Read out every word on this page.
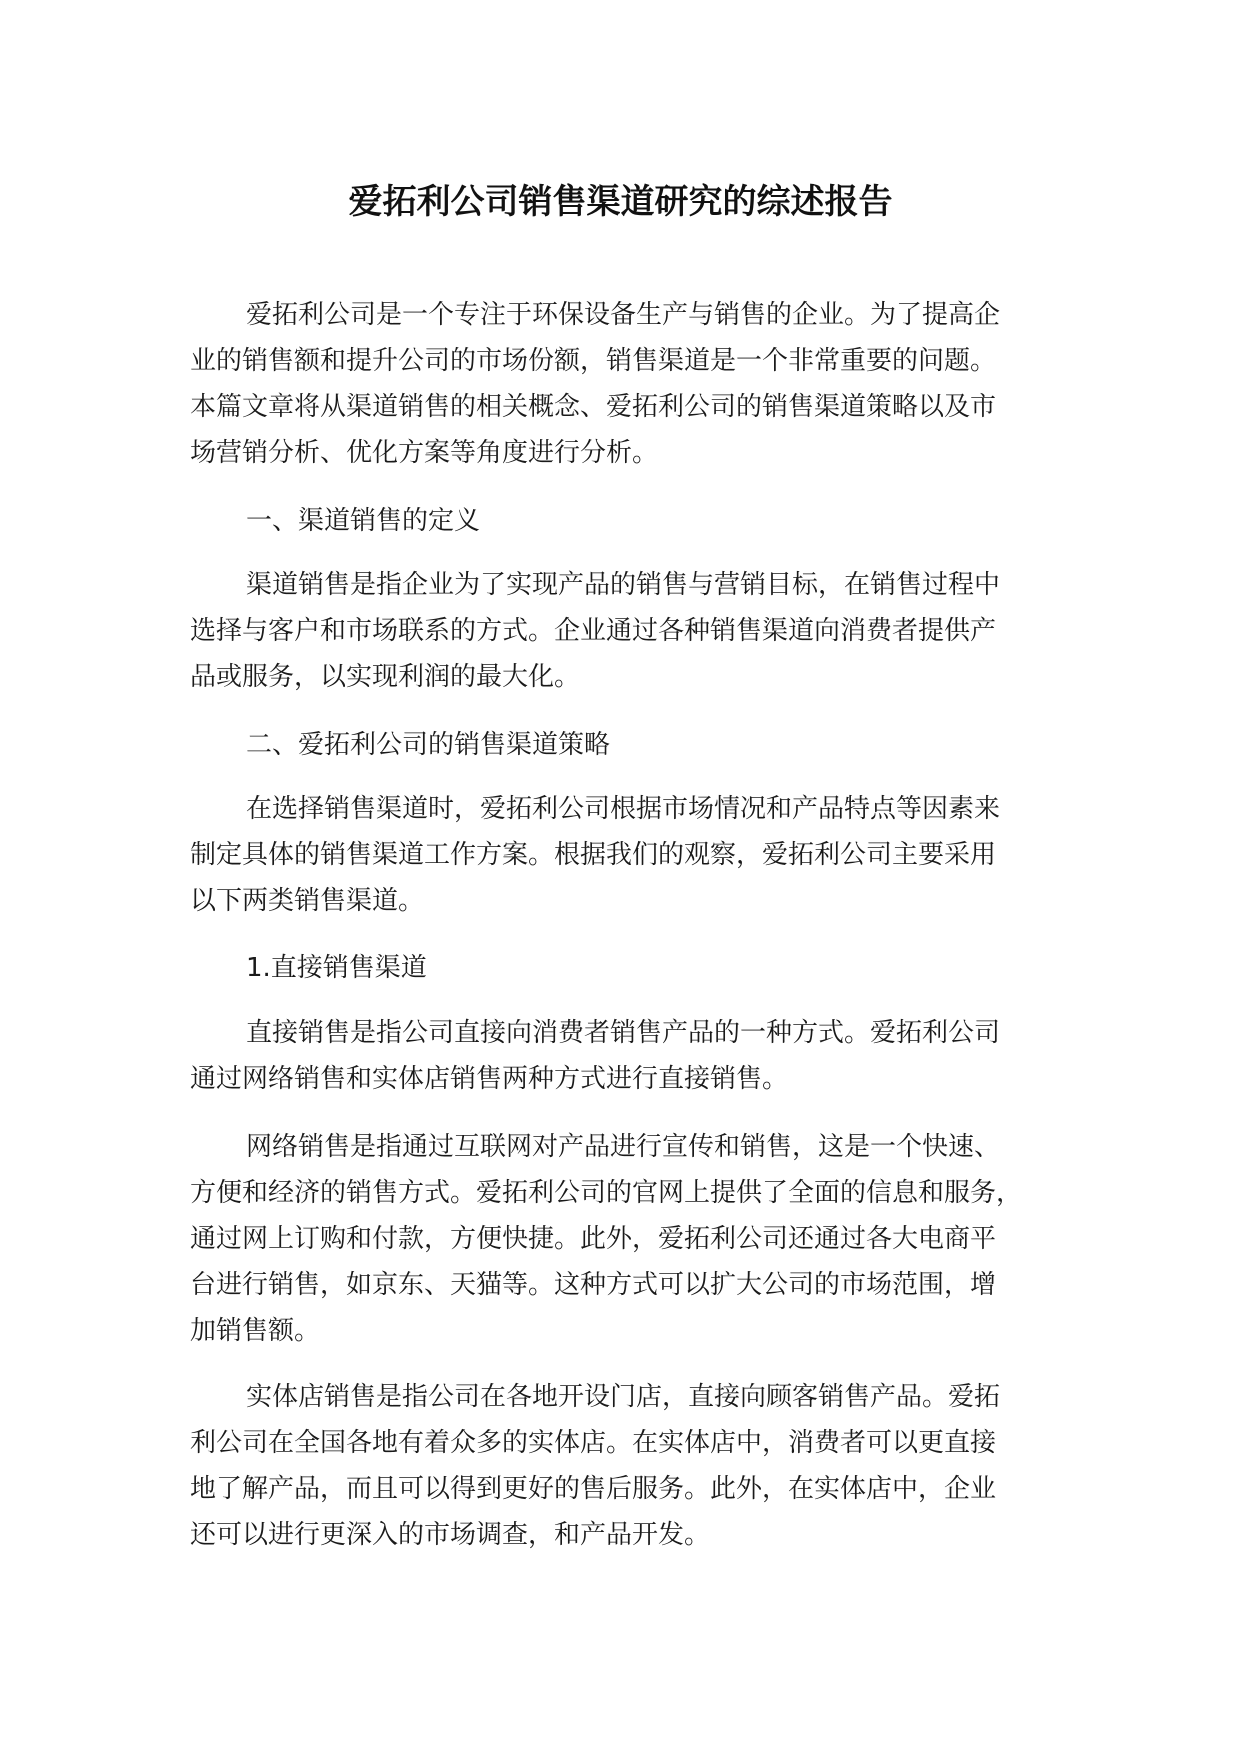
爱拓利公司销售渠道研究的综述报告
爱拓利公司是一个专注于环保设备生产与销售的企业。为了提高企
业的销售额和提升公司的市场份额，销售渠道是一个非常重要的问题。
本篇文章将从渠道销售的相关概念、爱拓利公司的销售渠道策略以及市
场营销分析、优化方案等角度进行分析。
一、渠道销售的定义
渠道销售是指企业为了实现产品的销售与营销目标，在销售过程中
选择与客户和市场联系的方式。企业通过各种销售渠道向消费者提供产
品或服务，以实现利润的最大化。
二、爱拓利公司的销售渠道策略
在选择销售渠道时，爱拓利公司根据市场情况和产品特点等因素来
制定具体的销售渠道工作方案。根据我们的观察，爱拓利公司主要采用
以下两类销售渠道。
1.直接销售渠道
直接销售是指公司直接向消费者销售产品的一种方式。爱拓利公司
通过网络销售和实体店销售两种方式进行直接销售。
网络销售是指通过互联网对产品进行宣传和销售，这是一个快速、
方便和经济的销售方式。爱拓利公司的官网上提供了全面的信息和服务，
通过网上订购和付款，方便快捷。此外，爱拓利公司还通过各大电商平
台进行销售，如京东、天猫等。这种方式可以扩大公司的市场范围，增
加销售额。
实体店销售是指公司在各地开设门店，直接向顾客销售产品。爱拓
利公司在全国各地有着众多的实体店。在实体店中，消费者可以更直接
地了解产品，而且可以得到更好的售后服务。此外，在实体店中，企业
还可以进行更深入的市场调查，和产品开发。
